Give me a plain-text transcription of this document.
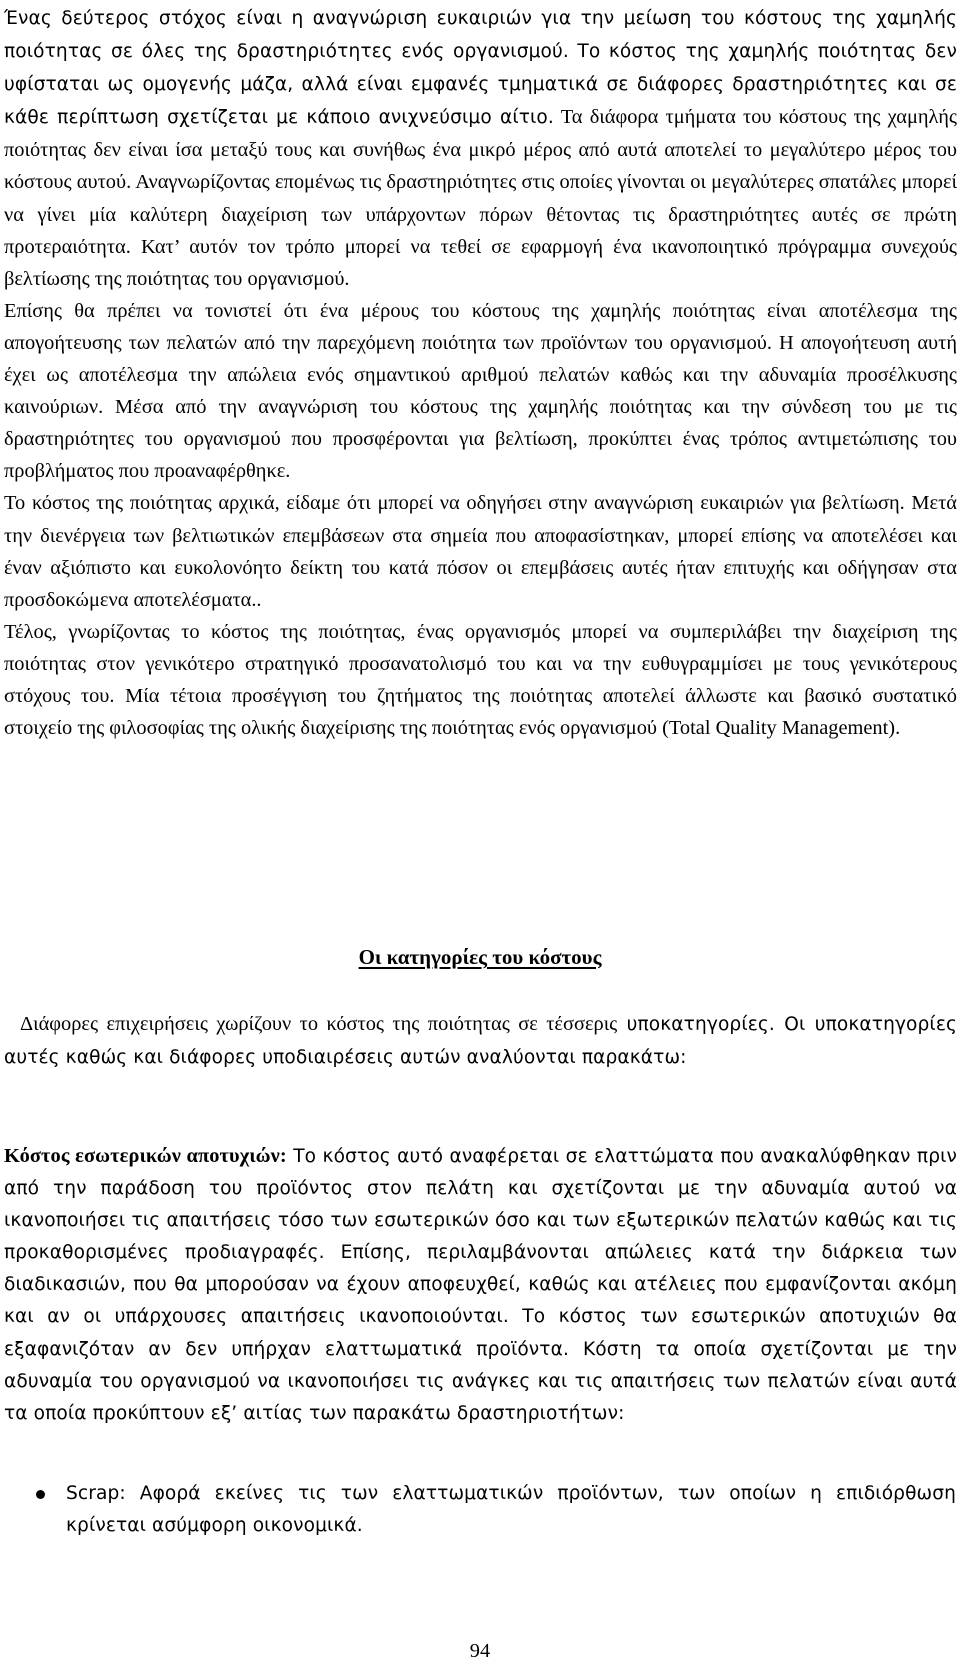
Ένας δεύτερος στόχος είναι η αναγνώριση ευκαιριών για την μείωση του κόστους της χαμηλής ποιότητας σε όλες της δραστηριότητες ενός οργανισμού. Το κόστος της χαμηλής ποιότητας δεν υφίσταται ως ομογενής μάζα, αλλά είναι εμφανές τμηματικά σε διάφορες δραστηριότητες και σε κάθε περίπτωση σχετίζεται με κάποιο ανιχνεύσιμο αίτιο. Τα διάφορα τμήματα του κόστους της χαμηλής ποιότητας δεν είναι ίσα μεταξύ τους και συνήθως ένα μικρό μέρος από αυτά αποτελεί το μεγαλύτερο μέρος του κόστους αυτού. Αναγνωρίζοντας επομένως τις δραστηριότητες στις οποίες γίνονται οι μεγαλύτερες σπατάλες μπορεί να γίνει μία καλύτερη διαχείριση των υπάρχοντων πόρων θέτοντας τις δραστηριότητες αυτές σε πρώτη προτεραιότητα. Κατ’ αυτόν τον τρόπο μπορεί να τεθεί σε εφαρμογή ένα ικανοποιητικό πρόγραμμα συνεχούς βελτίωσης της ποιότητας του οργανισμού.

Επίσης θα πρέπει να τονιστεί ότι ένα μέρους του κόστους της χαμηλής ποιότητας είναι αποτέλεσμα της απογοήτευσης των πελατών από την παρεχόμενη ποιότητα των προϊόντων του οργανισμού. Η απογοήτευση αυτή έχει ως αποτέλεσμα την απώλεια ενός σημαντικού αριθμού πελατών καθώς και την αδυναμία προσέλκυσης καινούριων. Μέσα από την αναγνώριση του κόστους της χαμηλής ποιότητας και την σύνδεση του με τις δραστηριότητες του οργανισμού που προσφέρονται για βελτίωση, προκύπτει ένας τρόπος αντιμετώπισης του προβλήματος που προαναφέρθηκε.

Το κόστος της ποιότητας αρχικά, είδαμε ότι μπορεί να οδηγήσει στην αναγνώριση ευκαιριών για βελτίωση. Μετά την διενέργεια των βελτιωτικών επεμβάσεων στα σημεία που αποφασίστηκαν, μπορεί επίσης να αποτελέσει και έναν αξιόπιστο και ευκολονόητο δείκτη του κατά πόσον οι επεμβάσεις αυτές ήταν επιτυχής και οδήγησαν στα προσδοκώμενα αποτελέσματα..

Τέλος, γνωρίζοντας το κόστος της ποιότητας, ένας οργανισμός μπορεί να συμπεριλάβει την διαχείριση της ποιότητας στον γενικότερο στρατηγικό προσανατολισμό του και να την ευθυγραμμίσει με τους γενικότερους στόχους του. Μία τέτοια προσέγγιση του ζητήματος της ποιότητας αποτελεί άλλωστε και βασικό συστατικό στοιχείο της φιλοσοφίας της ολικής διαχείρισης της ποιότητας ενός οργανισμού (Total Quality Management).

Οι κατηγορίες του κόστους

Διάφορες επιχειρήσεις χωρίζουν το κόστος της ποιότητας σε τέσσερις υποκατηγορίες. Οι υποκατηγορίες αυτές καθώς και διάφορες υποδιαιρέσεις αυτών αναλύονται παρακάτω:

Κόστος εσωτερικών αποτυχιών: Το κόστος αυτό αναφέρεται σε ελαττώματα που ανακαλύφθηκαν πριν από την παράδοση του προϊόντος στον πελάτη και σχετίζονται με την αδυναμία αυτού να ικανοποιήσει τις απαιτήσεις τόσο των εσωτερικών όσο και των εξωτερικών πελατών καθώς και τις προκαθορισμένες προδιαγραφές. Επίσης, περιλαμβάνονται απώλειες κατά την διάρκεια των διαδικασιών, που θα μπορούσαν να έχουν αποφευχθεί, καθώς και ατέλειες που εμφανίζονται ακόμη και αν οι υπάρχουσες απαιτήσεις ικανοποιούνται. Το κόστος των εσωτερικών αποτυχιών θα εξαφανιζόταν αν δεν υπήρχαν ελαττωματικά προϊόντα. Κόστη τα οποία σχετίζονται με την αδυναμία του οργανισμού να ικανοποιήσει τις ανάγκες και τις απαιτήσεις των πελατών είναι αυτά τα οποία προκύπτουν εξ’ αιτίας των παρακάτω δραστηριοτήτων:

Scrap: Αφορά εκείνες τις των ελαττωματικών προϊόντων, των οποίων η επιδιόρθωση κρίνεται ασύμφορη οικονομικά.
94
